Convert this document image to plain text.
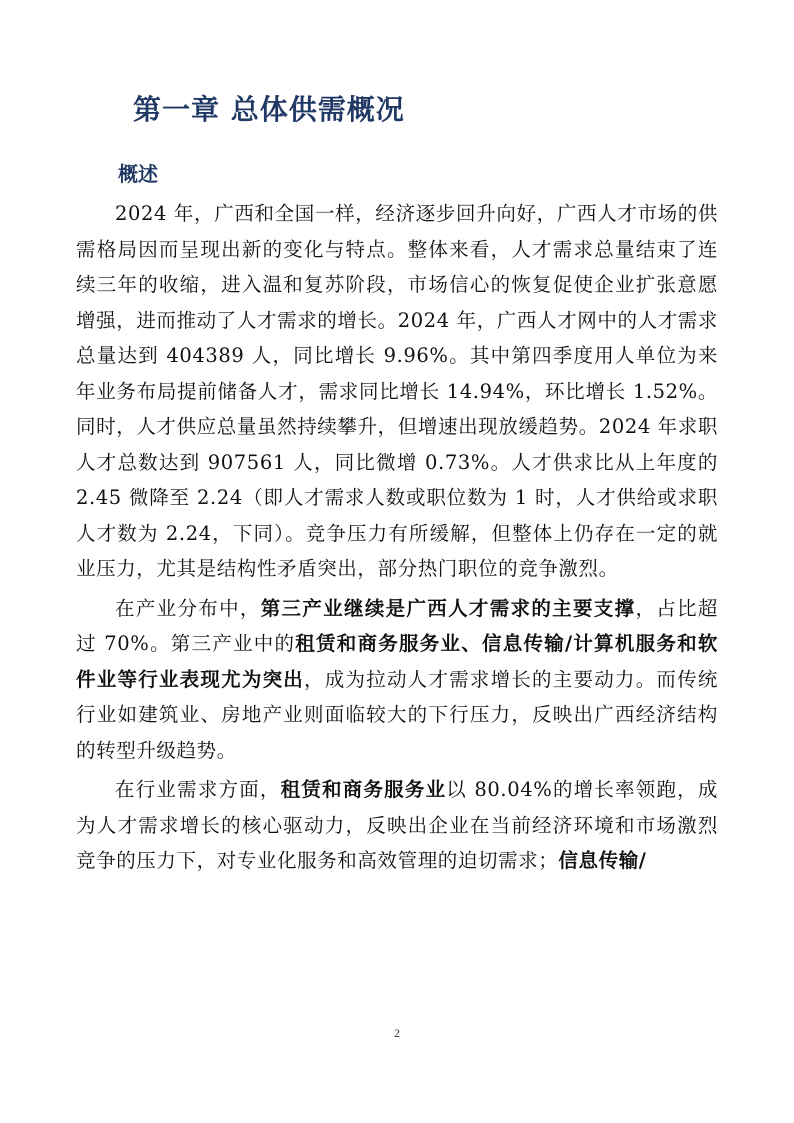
第一章 总体供需概况
概述

2024 年，广西和全国一样，经济逐步回升向好，广西人才市场的供需格局因而呈现出新的变化与特点。整体来看，人才需求总量结束了连续三年的收缩，进入温和复苏阶段，市场信心的恢复促使企业扩张意愿增强，进而推动了人才需求的增长。2024 年，广西人才网中的人才需求总量达到 404389 人，同比增长 9.96%。其中第四季度用人单位为来年业务布局提前储备人才，需求同比增长 14.94%，环比增长 1.52%。同时，人才供应总量虽然持续攀升，但增速出现放缓趋势。2024 年求职人才总数达到 907561 人，同比微增 0.73%。人才供求比从上年度的 2.45 微降至 2.24（即人才需求人数或职位数为 1 时，人才供给或求职人才数为 2.24，下同）。竞争压力有所缓解，但整体上仍存在一定的就业压力，尤其是结构性矛盾突出，部分热门职位的竞争激烈。

在产业分布中，第三产业继续是广西人才需求的主要支撑，占比超过 70%。第三产业中的租赁和商务服务业、信息传输/计算机服务和软件业等行业表现尤为突出，成为拉动人才需求增长的主要动力。而传统行业如建筑业、房地产业则面临较大的下行压力，反映出广西经济结构的转型升级趋势。

在行业需求方面，租赁和商务服务业以 80.04%的增长率领跑，成为人才需求增长的核心驱动力，反映出企业在当前经济环境和市场激烈竞争的压力下，对专业化服务和高效管理的迫切需求；信息传输/

2
